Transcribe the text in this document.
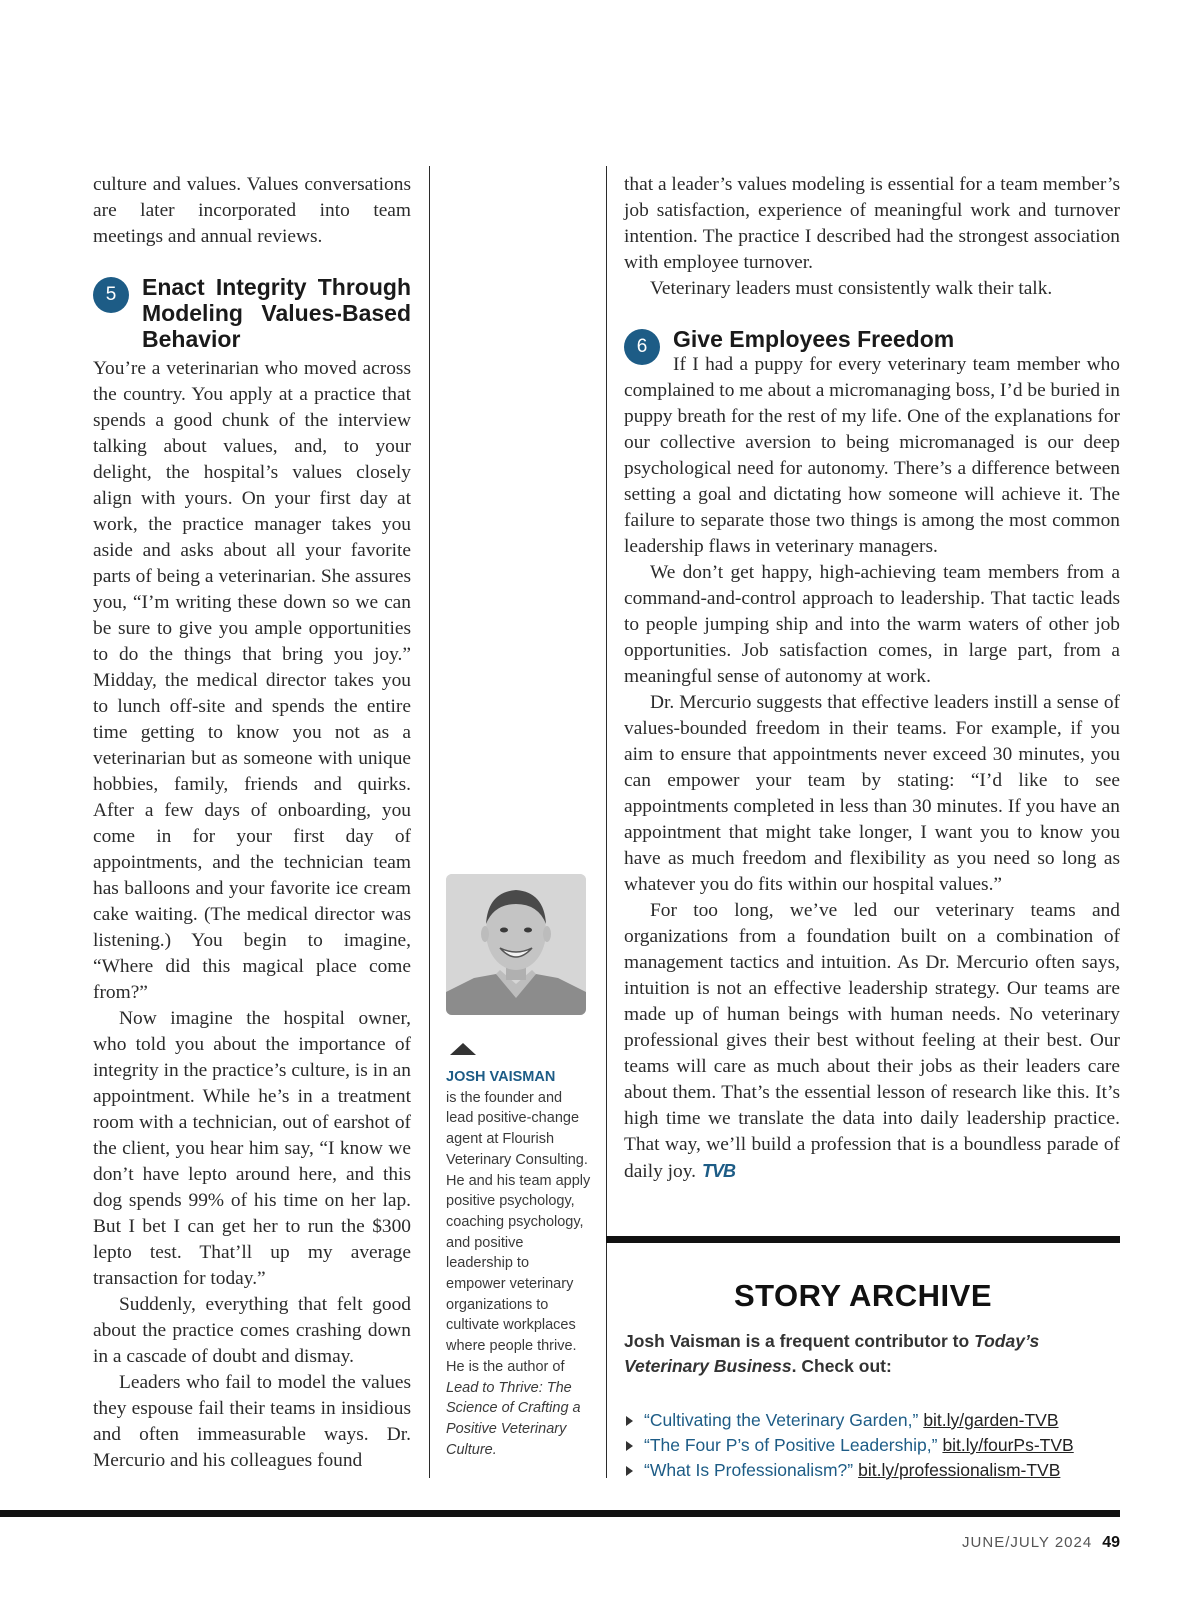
culture and values. Values conversations are later incorporated into team meetings and annual reviews.

5	Enact Integrity Through Modeling Values-Based Behavior

You’re a veterinarian who moved across the country. You apply at a practice that spends a good chunk of the interview talking about values, and, to your delight, the hospital’s values closely align with yours. On your first day at work, the practice manager takes you aside and asks about all your favorite parts of being a veterinarian. She assures you, “I’m writing these down so we can be sure to give you ample opportunities to do the things that bring you joy.” Midday, the medical director takes you to lunch off-site and spends the entire time getting to know you not as a veterinarian but as someone with unique hobbies, family, friends and quirks. After a few days of onboarding, you come in for your first day of appointments, and the technician team has balloons and your favorite ice cream cake waiting. (The medical director was listening.) You begin to imagine, “Where did this magical place come from?”

Now imagine the hospital owner, who told you about the importance of integrity in the practice’s culture, is in an appointment. While he’s in a treatment room with a technician, out of earshot of the client, you hear him say, “I know we don’t have lepto around here, and this dog spends 99% of his time on her lap. But I bet I can get her to run the $300 lepto test. That’ll up my average transaction for today.”

Suddenly, everything that felt good about the practice comes crashing down in a cascade of doubt and dismay.

Leaders who fail to model the values they espouse fail their teams in insidious and often immeasurable ways. Dr. Mercurio and his colleagues found

JOSH VAISMAN
is the founder and lead positive-change agent at Flourish Veterinary Consulting. He and his team apply positive psychology, coaching psychology, and positive leadership to empower veterinary organizations to cultivate workplaces where people thrive. He is the author of Lead to Thrive: The Science of Crafting a Positive Veterinary Culture.

that a leader’s values modeling is essential for a team member’s job satisfaction, experience of meaningful work and turnover intention. The practice I described had the strongest association with employee turnover.

Veterinary leaders must consistently walk their talk.

6	Give Employees Freedom

If I had a puppy for every veterinary team member who complained to me about a micromanaging boss, I’d be buried in puppy breath for the rest of my life. One of the explanations for our collective aversion to being micromanaged is our deep psychological need for autonomy. There’s a difference between setting a goal and dictating how someone will achieve it. The failure to separate those two things is among the most common leadership flaws in veterinary managers.

We don’t get happy, high-achieving team members from a command-and-control approach to leadership. That tactic leads to people jumping ship and into the warm waters of other job opportunities. Job satisfaction comes, in large part, from a meaningful sense of autonomy at work.

Dr. Mercurio suggests that effective leaders instill a sense of values-bounded freedom in their teams. For example, if you aim to ensure that appointments never exceed 30 minutes, you can empower your team by stating: “I’d like to see appointments completed in less than 30 minutes. If you have an appointment that might take longer, I want you to know you have as much freedom and flexibility as you need so long as whatever you do fits within our hospital values.”

For too long, we’ve led our veterinary teams and organizations from a foundation built on a combination of management tactics and intuition. As Dr. Mercurio often says, intuition is not an effective leadership strategy. Our teams are made up of human beings with human needs. No veterinary professional gives their best without feeling at their best. Our teams will care as much about their jobs as their leaders care about them. That’s the essential lesson of research like this. It’s high time we translate the data into daily leadership practice. That way, we’ll build a profession that is a boundless parade of daily joy. TVB

STORY ARCHIVE
Josh Vaisman is a frequent contributor to Today’s Veterinary Business. Check out:
“Cultivating the Veterinary Garden,” bit.ly/garden-TVB
“The Four P’s of Positive Leadership,” bit.ly/fourPs-TVB
“What Is Professionalism?” bit.ly/professionalism-TVB
JUNE/JULY 2024 49
